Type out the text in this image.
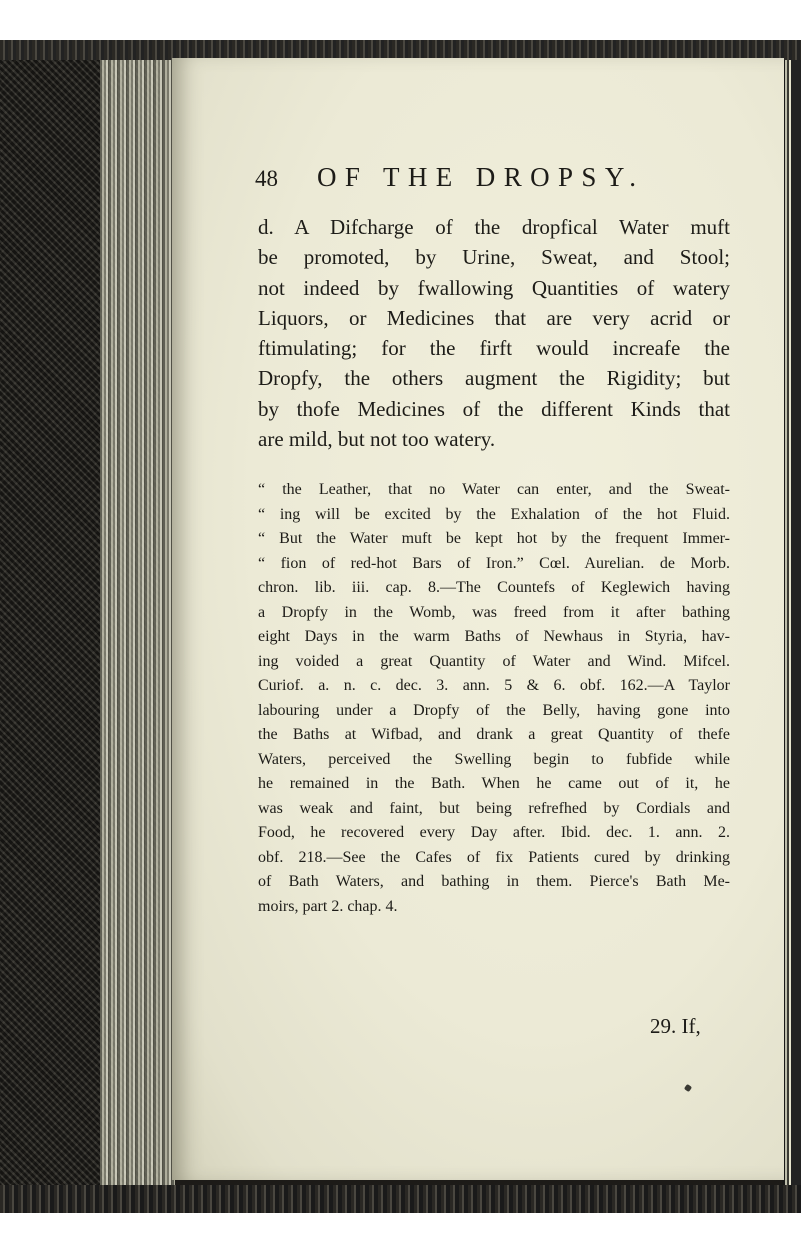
48 OF THE DROPSY.
d. A Difcharge of the dropfical Water muft
be promoted, by Urine, Sweat, and Stool;
not indeed by fwallowing Quantities of watery
Liquors, or Medicines that are very acrid or
ftimulating; for the firft would increafe the
Dropfy, the others augment the Rigidity; but
by thofe Medicines of the different Kinds that
are mild, but not too watery.
“ the Leather, that no Water can enter, and the Sweat-
“ ing will be excited by the Exhalation of the hot Fluid.
“ But the Water muft be kept hot by the frequent Immer-
“ fion of red-hot Bars of Iron.” Cœl. Aurelian. de Morb.
chron. lib. iii. cap. 8.—The Countefs of Keglewich having
a Dropfy in the Womb, was freed from it after bathing
eight Days in the warm Baths of Newhaus in Styria, hav-
ing voided a great Quantity of Water and Wind. Mifcel.
Curiof. a. n. c. dec. 3. ann. 5 & 6. obf. 162.—A Taylor
labouring under a Dropfy of the Belly, having gone into
the Baths at Wifbad, and drank a great Quantity of thefe
Waters, perceived the Swelling begin to fubfide while
he remained in the Bath. When he came out of it, he
was weak and faint, but being refrefhed by Cordials and
Food, he recovered every Day after. Ibid. dec. 1. ann. 2.
obf. 218.—See the Cafes of fix Patients cured by drinking
of Bath Waters, and bathing in them. Pierce's Bath Me-
moirs, part 2. chap. 4.
29. If,
